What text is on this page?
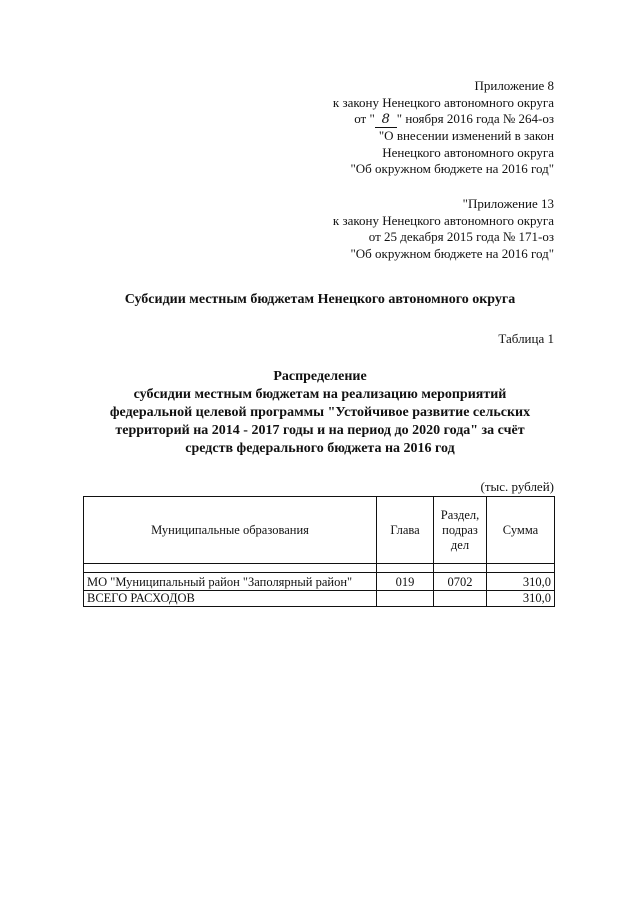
Приложение 8
к закону Ненецкого автономного округа
от " 8 " ноября 2016 года № 264-оз
"О внесении изменений в закон
Ненецкого автономного округа
"Об окружном бюджете на 2016 год"
"Приложение 13
к закону Ненецкого автономного округа
от 25 декабря 2015 года № 171-оз
"Об окружном бюджете на 2016 год"
Субсидии местным бюджетам Ненецкого автономного округа
Таблица 1
Распределение
субсидии местным бюджетам на реализацию мероприятий
федеральной целевой программы "Устойчивое развитие сельских
территорий на 2014 - 2017 годы и на период до 2020 года" за счёт
средств федерального бюджета на 2016 год
(тыс. рублей)
Муниципальные образования	Глава	Раздел,
подраз
дел	Сумма

МО "Муниципальный район "Заполярный район"	019	0702	310,0
ВСЕГО РАСХОДОВ			310,0
